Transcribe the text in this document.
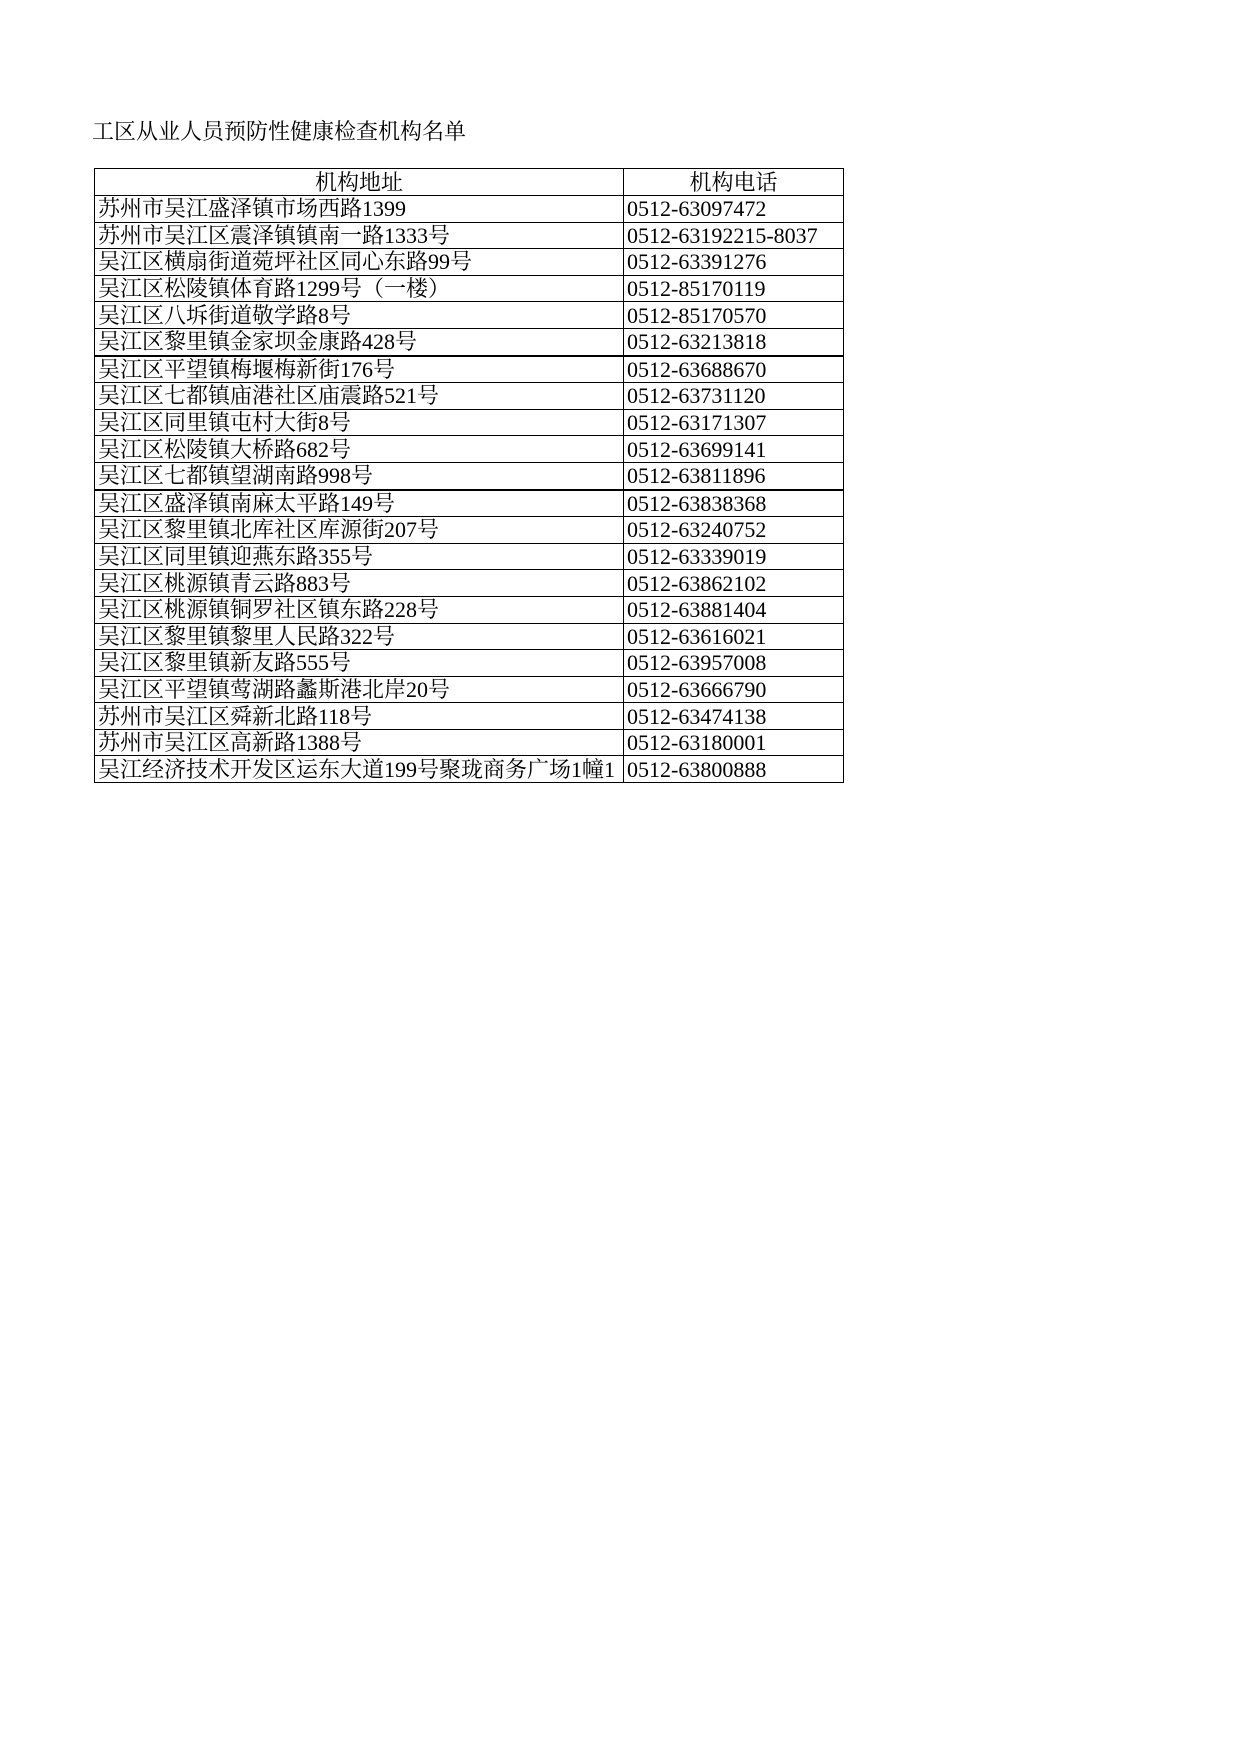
工区从业人员预防性健康检查机构名单
机构地址	机构电话
苏州市吴江盛泽镇市场西路1399	0512-63097472
苏州市吴江区震泽镇镇南一路1333号	0512-63192215-8037
吴江区横扇街道菀坪社区同心东路99号	0512-63391276
吴江区松陵镇体育路1299号（一楼）	0512-85170119
吴江区八坼街道敬学路8号	0512-85170570
吴江区黎里镇金家坝金康路428号	0512-63213818
吴江区平望镇梅堰梅新街176号	0512-63688670
吴江区七都镇庙港社区庙震路521号	0512-63731120
吴江区同里镇屯村大街8号	0512-63171307
吴江区松陵镇大桥路682号	0512-63699141
吴江区七都镇望湖南路998号	0512-63811896
吴江区盛泽镇南麻太平路149号	0512-63838368
吴江区黎里镇北库社区库源街207号	0512-63240752
吴江区同里镇迎燕东路355号	0512-63339019
吴江区桃源镇青云路883号	0512-63862102
吴江区桃源镇铜罗社区镇东路228号	0512-63881404
吴江区黎里镇黎里人民路322号	0512-63616021
吴江区黎里镇新友路555号	0512-63957008
吴江区平望镇莺湖路蠡斯港北岸20号	0512-63666790
苏州市吴江区舜新北路118号	0512-63474138
苏州市吴江区高新路1388号	0512-63180001
吴江经济技术开发区运东大道199号聚珑商务广场1幢1	0512-63800888
